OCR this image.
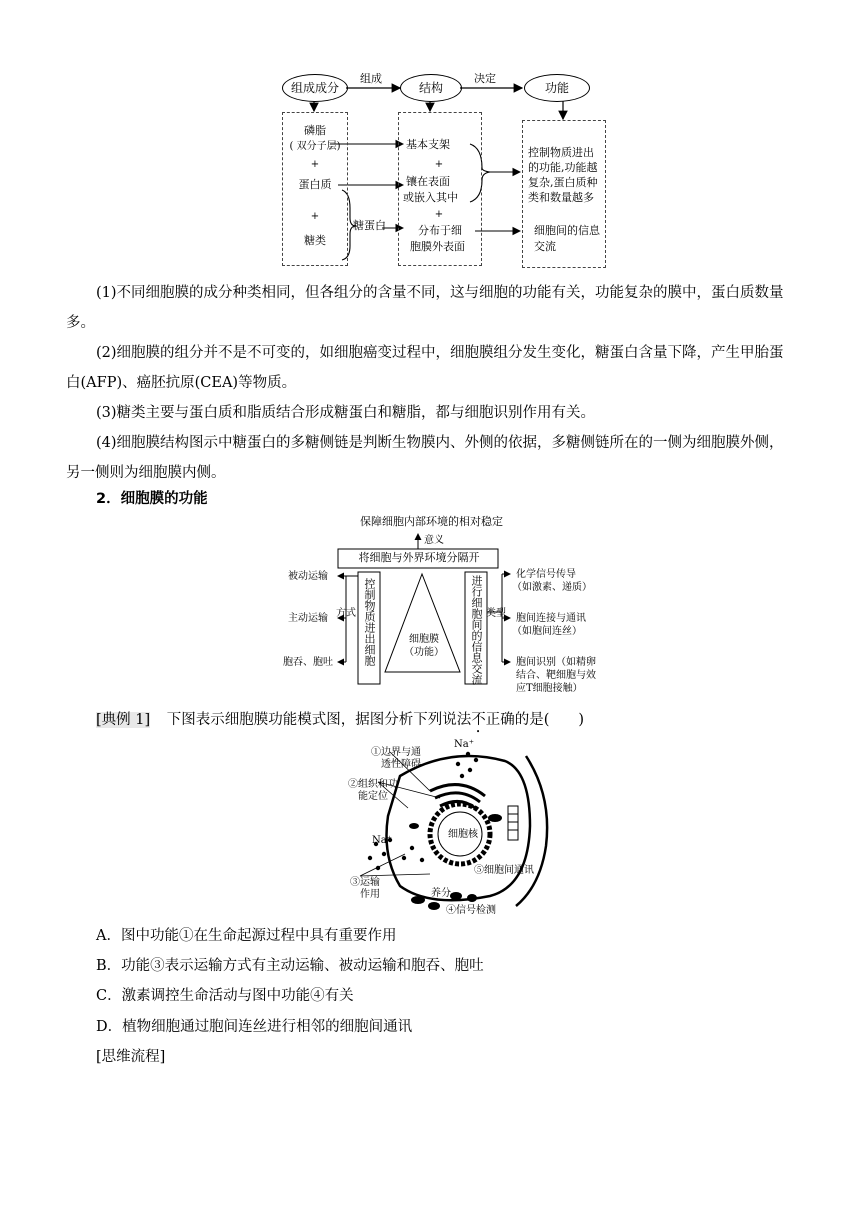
组成成分	结构	功能
组成	决定
磷脂
( 双分子层)
+
蛋白质
+
糖类
糖蛋白
基本支架
+
镶在表面
或嵌入其中
+
分布于细
胞膜外表面
控制物质进出
的功能,功能越
复杂,蛋白质种
类和数量越多
细胞间的信息
交流
(1)不同细胞膜的成分种类相同，但各组分的含量不同，这与细胞的功能有关，功能复杂的膜中，蛋白质数量多。
(2)细胞膜的组分并不是不可变的，如细胞癌变过程中，细胞膜组分发生变化，糖蛋白含量下降，产生甲胎蛋白(AFP)、癌胚抗原(CEA)等物质。
(3)糖类主要与蛋白质和脂质结合形成糖蛋白和糖脂，都与细胞识别作用有关。
(4)细胞膜结构图示中糖蛋白的多糖侧链是判断生物膜内、外侧的依据，多糖侧链所在的一侧为细胞膜外侧，另一侧则为细胞膜内侧。
2．细胞膜的功能
保障细胞内部环境的相对稳定
意义
将细胞与外界环境分隔开
细胞膜
（功能）
控制物质进出细胞	进行细胞间的信息交流
方式	类型
被动运输
主动运输
胞吞、胞吐
化学信号传导
（如激素、递质）
胞间连接与通讯
（如胞间连丝）
胞间识别（如精卵
结合、靶细胞与效
应T细胞接触）
[典例 1] 下图表示细胞膜功能模式图，据图分析下列说法不正确的是(　　)
①边界与通
透性障碍
②组织和功
能定位
③运输
作用
Na⁺
Na⁺
细胞核
⑤细胞间通讯
养分
④信号检测
A．图中功能①在生命起源过程中具有重要作用
B．功能③表示运输方式有主动运输、被动运输和胞吞、胞吐
C．激素调控生命活动与图中功能④有关
D．植物细胞通过胞间连丝进行相邻的细胞间通讯
[思维流程]
